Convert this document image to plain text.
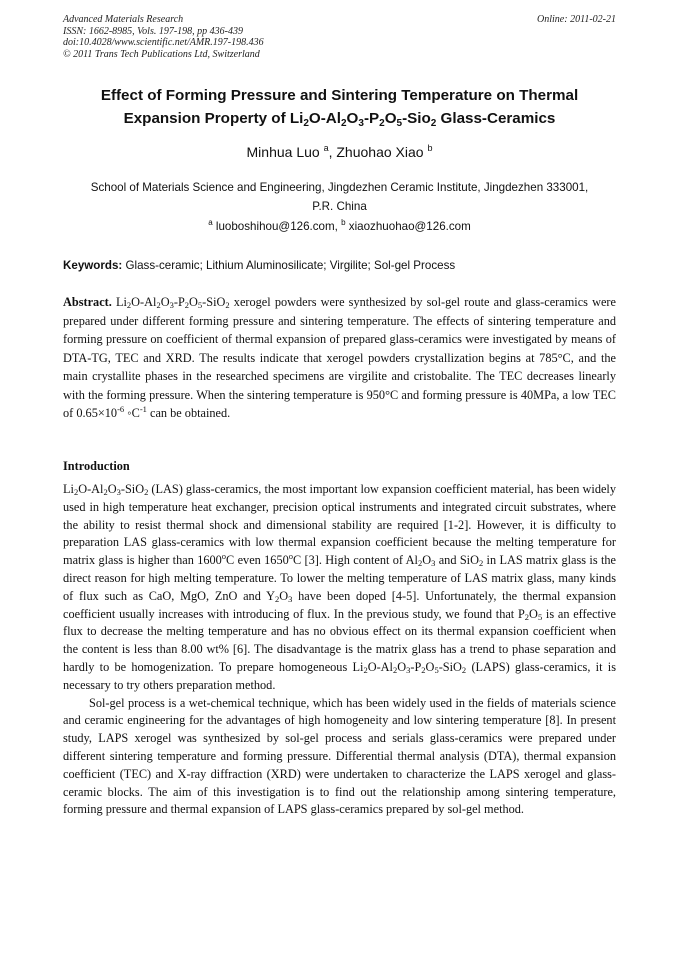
Advanced Materials Research
ISSN: 1662-8985, Vols. 197-198, pp 436-439
doi:10.4028/www.scientific.net/AMR.197-198.436
© 2011 Trans Tech Publications Ltd, Switzerland
Online: 2011-02-21
Effect of Forming Pressure and Sintering Temperature on Thermal
Expansion Property of $Li_2O-Al_2O_3-P_2O_5-Sio_2$ Glass-Ceramics
Minhua Luo $^a$, Zhuohao Xiao $^b$
School of Materials Science and Engineering, Jingdezhen Ceramic Institute, Jingdezhen 333001,
P.R. China
$^a$ luoboshihou@126.com, $^b$ xiaozhuohao@126.com
Keywords: Glass-ceramic; Lithium Aluminosilicate; Virgilite; Sol-gel Process
Abstract. $Li_2O-Al_2O_3-P_2O_5-SiO_2$ xerogel powders were synthesized by sol-gel route and glass-ceramics were prepared under different forming pressure and sintering temperature. The effects of sintering temperature and forming pressure on coefficient of thermal expansion of prepared glass-ceramics were investigated by means of DTA-TG, TEC and XRD. The results indicate that xerogel powders crystallization begins at 785°C, and the main crystallite phases in the researched specimens are virgilite and cristobalite. The TEC decreases linearly with the forming pressure. When the sintering temperature is 950°C and forming pressure is 40MPa, a low TEC of $0.65\times 10^{-6}$ $◦C^{-1}$ can be obtained.
Introduction

$Li_2O-Al_2O_3-SiO_2$ (LAS) glass-ceramics, the most important low expansion coefficient material, has been widely used in high temperature heat exchanger, precision optical instruments and integrated circuit substrates, where the ability to resist thermal shock and dimensional stability are required [1-2]. However, it is difficulty to preparation LAS glass-ceramics with low thermal expansion coefficient because the melting temperature for matrix glass is higher than 1600$^o$C even 1650$^o$C [3]. High content of $Al_2O_3$ and SiO$_2$ in LAS matrix glass is the direct reason for high melting temperature. To lower the melting temperature of LAS matrix glass, many kinds of flux such as CaO, MgO, ZnO and $Y_2O_3$ have been doped [4-5]. Unfortunately, the thermal expansion coefficient usually increases with introducing of flux. In the previous study, we found that $P_2O_5$ is an effective flux to decrease the melting temperature and has no obvious effect on its thermal expansion coefficient when the content is less than 8.00 wt% [6]. The disadvantage is the matrix glass has a trend to phase separation and hardly to be homogenization. To prepare homogeneous $Li_2O-Al_2O_3-P_2O_5-SiO_2$ (LAPS) glass-ceramics, it is necessary to try others preparation method.

Sol-gel process is a wet-chemical technique, which has been widely used in the fields of materials science and ceramic engineering for the advantages of high homogeneity and low sintering temperature [8]. In present study, LAPS xerogel was synthesized by sol-gel process and serials glass-ceramics were prepared under different sintering temperature and forming pressure. Differential thermal analysis (DTA), thermal expansion coefficient (TEC) and X-ray diffraction (XRD) were undertaken to characterize the LAPS xerogel and glass-ceramic blocks. The aim of this investigation is to find out the relationship among sintering temperature, forming pressure and thermal expansion of LAPS glass-ceramics prepared by sol-gel method.
